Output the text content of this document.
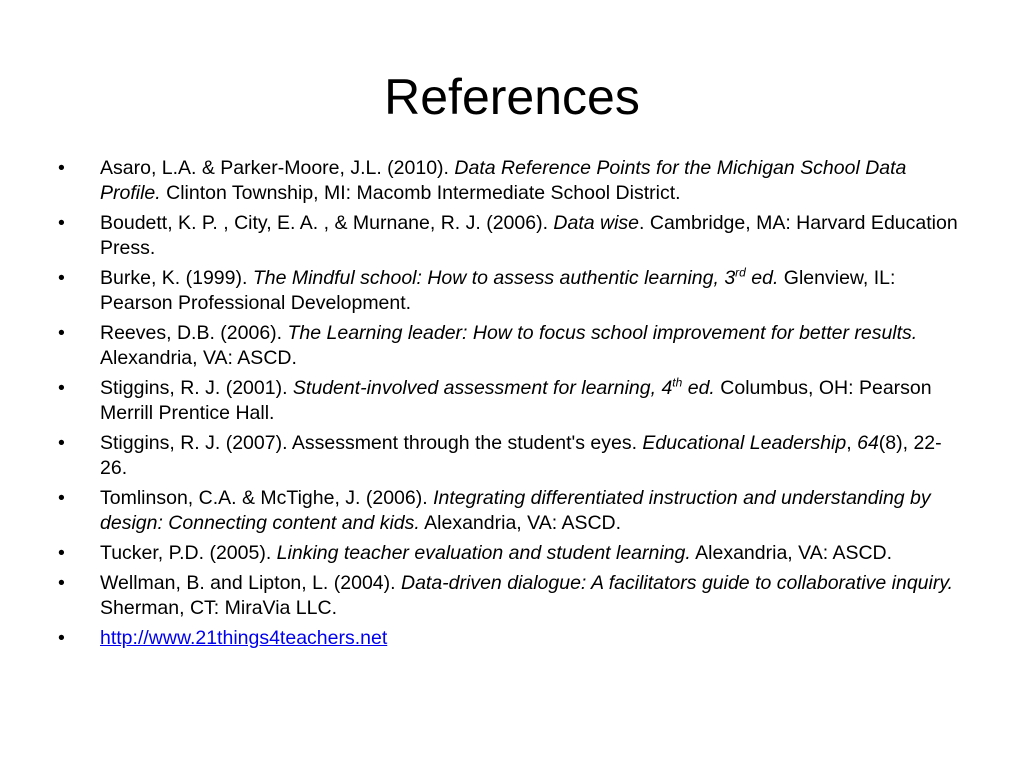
References
•	Asaro, L.A. & Parker-Moore, J.L. (2010). Data Reference Points for the Michigan School Data Profile. Clinton Township, MI: Macomb Intermediate School District.
•	Boudett, K. P. , City, E. A. , & Murnane, R. J. (2006). Data wise. Cambridge, MA: Harvard Education Press.
•	Burke, K. (1999). The Mindful school: How to assess authentic learning, 3rd ed. Glenview, IL: Pearson Professional Development.
•	Reeves, D.B. (2006). The Learning leader: How to focus school improvement for better results. Alexandria, VA: ASCD.
•	Stiggins, R. J. (2001). Student-involved assessment for learning, 4th ed. Columbus, OH: Pearson Merrill Prentice Hall.
•	Stiggins, R. J. (2007). Assessment through the student's eyes. Educational Leadership, 64(8), 22-26.
•	Tomlinson, C.A. & McTighe, J. (2006). Integrating differentiated instruction and understanding by design: Connecting content and kids. Alexandria, VA: ASCD.
•	Tucker, P.D. (2005). Linking teacher evaluation and student learning. Alexandria, VA: ASCD.
•	Wellman, B. and Lipton, L. (2004). Data-driven dialogue: A facilitators guide to collaborative inquiry. Sherman, CT: MiraVia LLC.
•	http://www.21things4teachers.net
